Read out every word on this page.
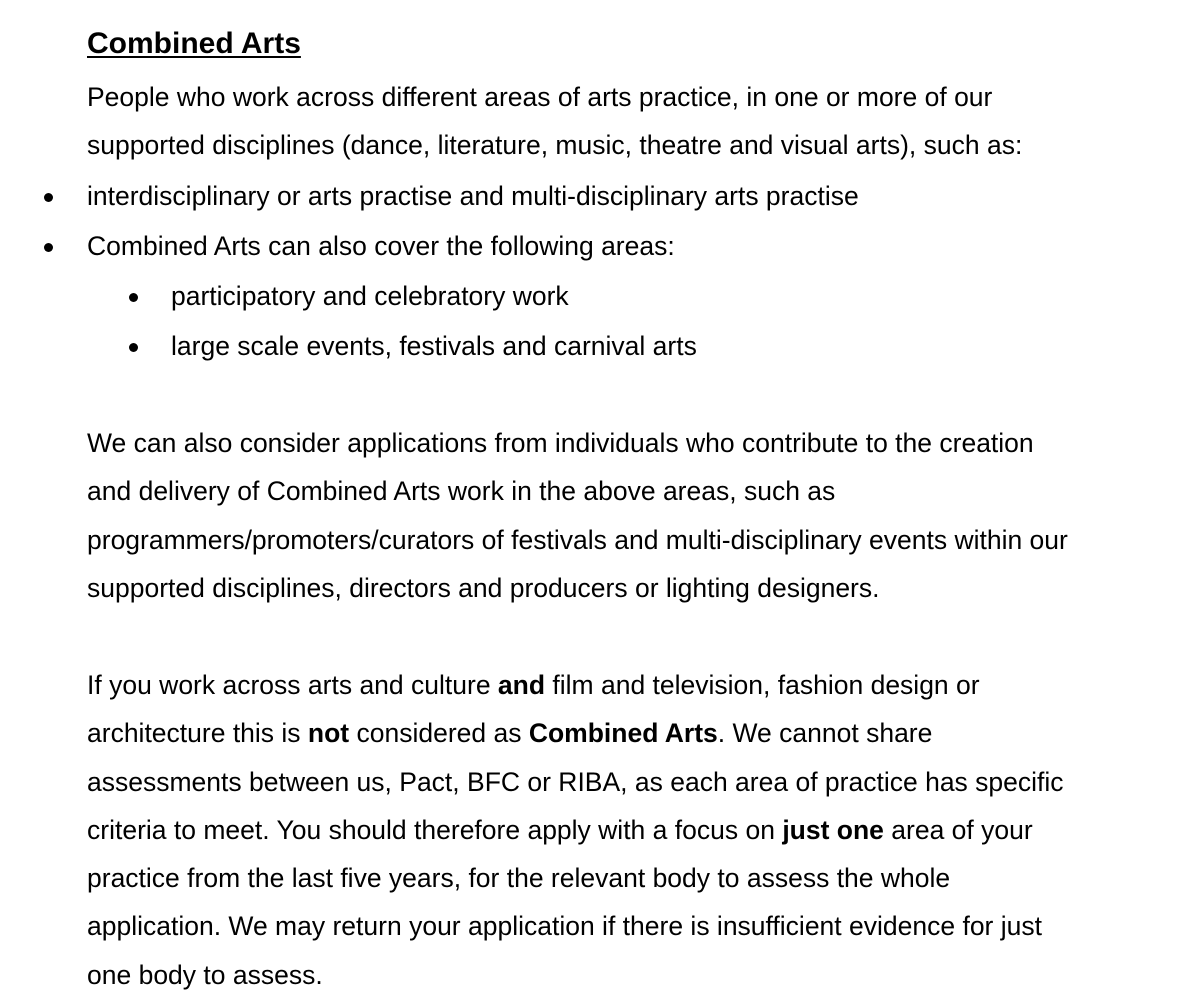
Combined Arts
People who work across different areas of arts practice, in one or more of our
supported disciplines (dance, literature, music, theatre and visual arts), such as:
interdisciplinary or arts practise and multi-disciplinary arts practise
Combined Arts can also cover the following areas:
participatory and celebratory work
large scale events, festivals and carnival arts
We can also consider applications from individuals who contribute to the creation
and delivery of Combined Arts work in the above areas, such as
programmers/promoters/curators of festivals and multi-disciplinary events within our
supported disciplines, directors and producers or lighting designers.
If you work across arts and culture and film and television, fashion design or
architecture this is not considered as Combined Arts. We cannot share
assessments between us, Pact, BFC or RIBA, as each area of practice has specific
criteria to meet. You should therefore apply with a focus on just one area of your
practice from the last five years, for the relevant body to assess the whole
application. We may return your application if there is insufficient evidence for just
one body to assess.
